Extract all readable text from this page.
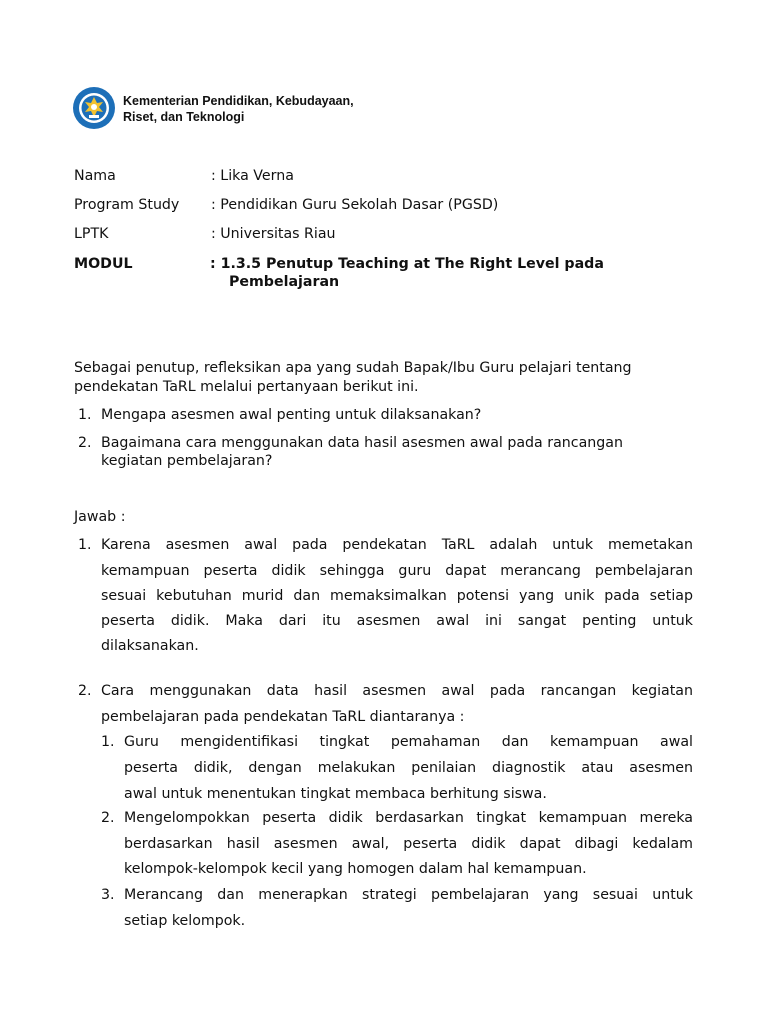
Kementerian Pendidikan, Kebudayaan,
Riset, dan Teknologi
Nama	: Lika Verna
Program Study : Pendidikan Guru Sekolah Dasar (PGSD)
LPTK	: Universitas Riau
MODUL	: 1.3.5 Penutup Teaching at The Right Level pada
Pembelajaran
Sebagai penutup, refleksikan apa yang sudah Bapak/Ibu Guru pelajari tentang
pendekatan TaRL melalui pertanyaan berikut ini.
1. Mengapa asesmen awal penting untuk dilaksanakan?
2. Bagaimana cara menggunakan data hasil asesmen awal pada rancangan
kegiatan pembelajaran?
Jawab :
1. Karena asesmen awal pada pendekatan TaRL adalah untuk memetakan
kemampuan peserta didik sehingga guru dapat merancang pembelajaran
sesuai kebutuhan murid dan memaksimalkan potensi yang unik pada setiap
peserta didik. Maka dari itu asesmen awal ini sangat penting untuk
dilaksanakan.
2. Cara menggunakan data hasil asesmen awal pada rancangan kegiatan
pembelajaran pada pendekatan TaRL diantaranya :
1. Guru mengidentifikasi tingkat pemahaman dan kemampuan awal
peserta didik, dengan melakukan penilaian diagnostik atau asesmen
awal untuk menentukan tingkat membaca berhitung siswa.
2. Mengelompokkan peserta didik berdasarkan tingkat kemampuan mereka
berdasarkan hasil asesmen awal, peserta didik dapat dibagi kedalam
kelompok-kelompok kecil yang homogen dalam hal kemampuan.
3. Merancang dan menerapkan strategi pembelajaran yang sesuai untuk
setiap kelompok.
